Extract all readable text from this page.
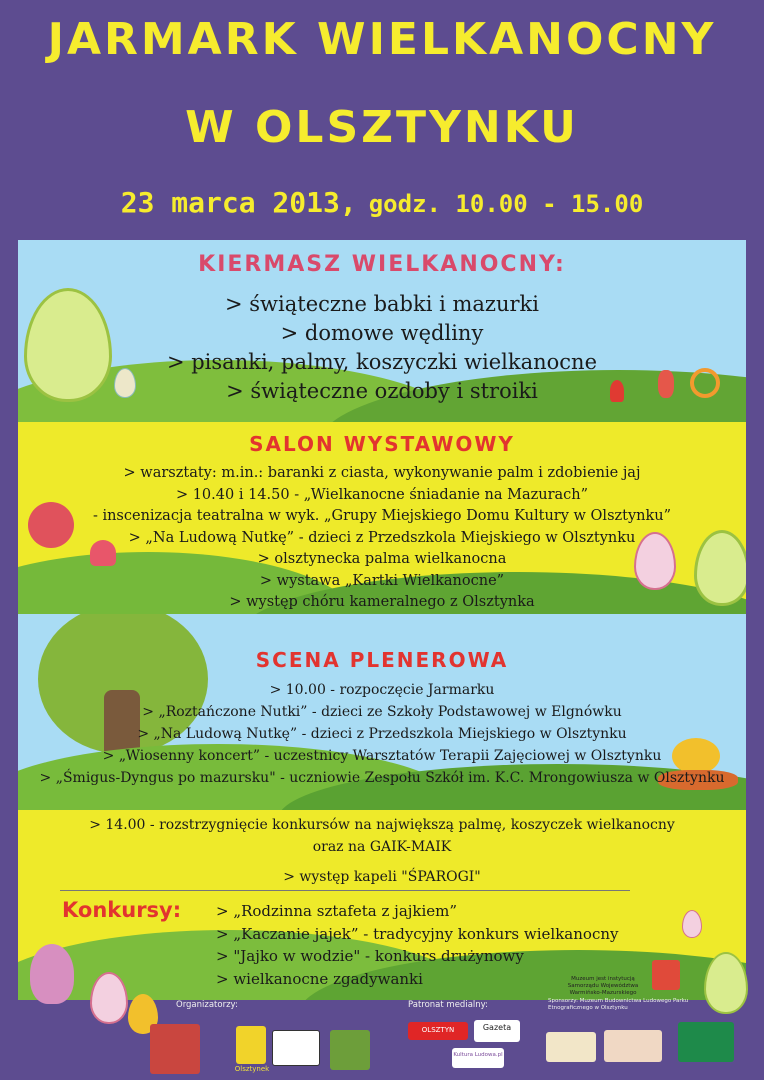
JARMARK WIELKANOCNY
W OLSZTYNKU
23 marca 2013, godz. 10.00 - 15.00
KIERMASZ WIELKANOCNY:
> świąteczne babki i mazurki
> domowe wędliny
> pisanki, palmy, koszyczki wielkanocne
> świąteczne ozdoby i stroiki
SALON WYSTAWOWY
> warsztaty: m.in.: baranki z ciasta, wykonywanie palm i zdobienie jaj
> 10.40 i 14.50 - „Wielkanocne śniadanie na Mazurach”
- inscenizacja teatralna w wyk. „Grupy Miejskiego Domu Kultury w Olsztynku”
> „Na Ludową Nutkę” - dzieci z Przedszkola Miejskiego w Olsztynku
> olsztynecka palma wielkanocna
> wystawa „Kartki Wielkanocne”
> występ chóru kameralnego z Olsztynka
SCENA PLENEROWA
> 10.00 - rozpoczęcie Jarmarku
> „Roztańczone Nutki” - dzieci ze Szkoły Podstawowej w Elgnówku
> „Na Ludową Nutkę” - dzieci z Przedszkola Miejskiego w Olsztynku
> „Wiosenny koncert” - uczestnicy Warsztatów Terapii Zajęciowej w Olsztynku
> „Śmigus-Dyngus po mazursku" - uczniowie Zespołu Szkół im. K.C. Mrongowiusza w Olsztynku
> 14.00 - rozstrzygnięcie konkursów na największą palmę, koszyczek wielkanocny
oraz na GAIK-MAIK
> występ kapeli "ŚPAROGI"
Konkursy: > „Rodzinna sztafeta z jajkiem”
> „Kaczanie jajek” - tradycyjny konkurs wielkanocny
> "Jajko w wodzie" - konkurs drużynowy
> wielkanocne zgadywanki
Organizatorzy:
Olsztynek
Patronat medialny:
OLSZTYN	Gazeta
Kultura Ludowa.pl
Sponsorzy: Muzeum Budownictwa Ludowego Parku Etnograficznego w Olsztynku
Muzeum jest instytucją Samorządu Województwa Warmińsko-Mazurskiego
